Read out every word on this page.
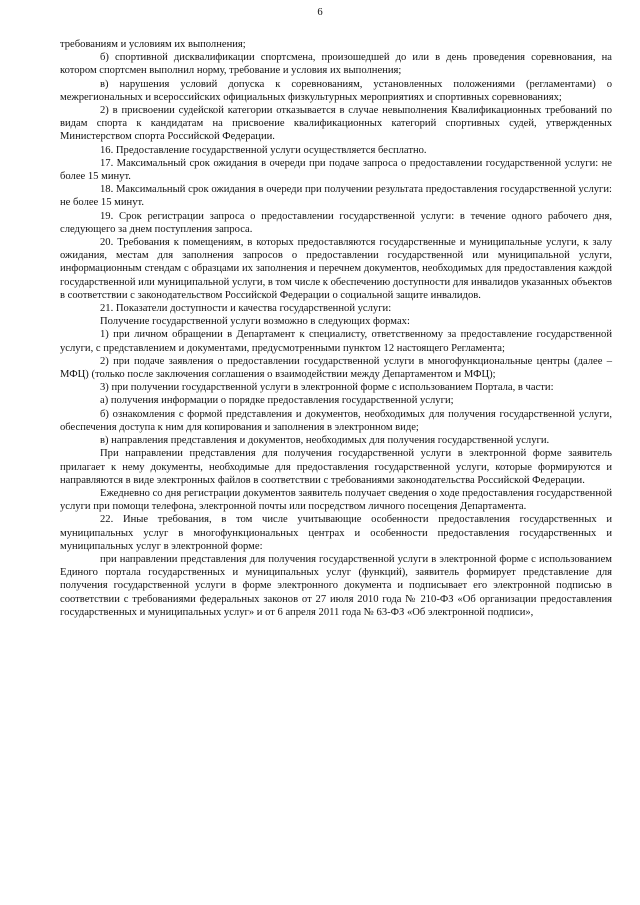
6

требованиям и условиям их выполнения;

б) спортивной дисквалификации спортсмена, произошедшей до или в день проведения соревнования, на котором спортсмен выполнил норму, требование и условия их выполнения;

в) нарушения условий допуска к соревнованиям, установленных положениями (регламентами) о межрегиональных и всероссийских официальных физкультурных мероприятиях и спортивных соревнованиях;

2) в присвоении судейской категории отказывается в случае невыполнения Квалификационных требований по видам спорта к кандидатам на присвоение квалификационных категорий спортивных судей, утвержденных Министерством спорта Российской Федерации.

16. Предоставление государственной услуги осуществляется бесплатно.

17. Максимальный срок ожидания в очереди при подаче запроса о предоставлении государственной услуги: не более 15 минут.

18. Максимальный срок ожидания в очереди при получении результата предоставления государственной услуги: не более 15 минут.

19. Срок регистрации запроса о предоставлении государственной услуги: в течение одного рабочего дня, следующего за днем поступления запроса.

20. Требования к помещениям, в которых предоставляются государственные и муниципальные услуги, к залу ожидания, местам для заполнения запросов о предоставлении государственной или муниципальной услуги, информационным стендам с образцами их заполнения и перечнем документов, необходимых для предоставления каждой государственной или муниципальной услуги, в том числе к обеспечению доступности для инвалидов указанных объектов в соответствии с законодательством Российской Федерации о социальной защите инвалидов.

21. Показатели доступности и качества государственной услуги:

Получение государственной услуги возможно в следующих формах:

1) при личном обращении в Департамент к специалисту, ответственному за предоставление государственной услуги, с представлением и документами, предусмотренными пунктом 12 настоящего Регламента;

2) при подаче заявления о предоставлении государственной услуги в многофункциональные центры (далее – МФЦ) (только после заключения соглашения о взаимодействии между Департаментом и МФЦ);

3) при получении государственной услуги в электронной форме с использованием Портала, в части:

а) получения информации о порядке предоставления государственной услуги;

б) ознакомления с формой представления и документов, необходимых для получения государственной услуги, обеспечения доступа к ним для копирования и заполнения в электронном виде;

в) направления представления и документов, необходимых для получения государственной услуги.

При направлении представления для получения государственной услуги в электронной форме заявитель прилагает к нему документы, необходимые для предоставления государственной услуги, которые формируются и направляются в виде электронных файлов в соответствии с требованиями законодательства Российской Федерации.

Ежедневно со дня регистрации документов заявитель получает сведения о ходе предоставления государственной услуги при помощи телефона, электронной почты или посредством личного посещения Департамента.

22. Иные требования, в том числе учитывающие особенности предоставления государственных и муниципальных услуг в многофункциональных центрах и особенности предоставления государственных и муниципальных услуг в электронной форме:

при направлении представления для получения государственной услуги в электронной форме с использованием Единого портала государственных и муниципальных услуг (функций), заявитель формирует представление для получения государственной услуги в форме электронного документа и подписывает его электронной подписью в соответствии с требованиями федеральных законов от 27 июля 2010 года № 210-ФЗ «Об организации предоставления государственных и муниципальных услуг» и от 6 апреля 2011 года № 63-ФЗ «Об электронной подписи»,
